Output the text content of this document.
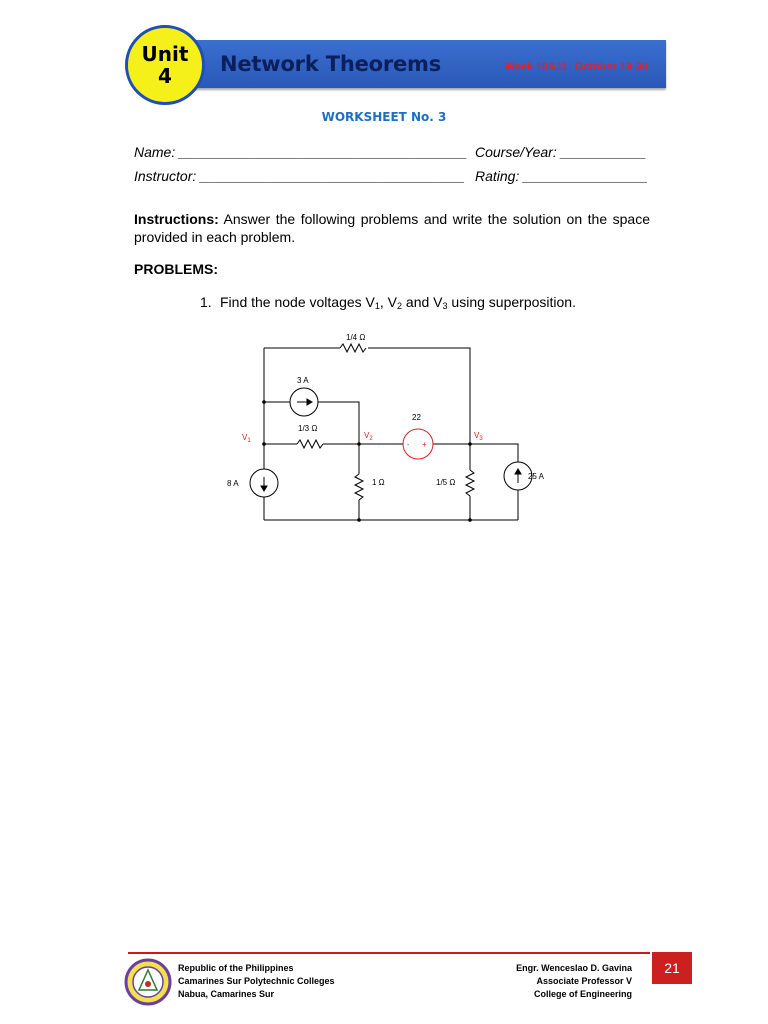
Network Theorems	Week 10&11: October 19-30
Unit
4
WORKSHEET No. 3
Name: _____________________________________ Course/Year: ___________
Instructor: __________________________________ Rating: ________________
Instructions: Answer the following problems and write the solution on the space provided in each problem.
PROBLEMS:
1. Find the node voltages $V_1$, $V_2$ and $V_3$ using superposition.
1/4 Ω
3 A
1/3 Ω
22
8 A	1 Ω	1/5 Ω
25 A
$V_1$
$V_2$	$V_3$
- +
Republic of the Philippines
Camarines Sur Polytechnic Colleges
Nabua, Camarines Sur
Engr. Wenceslao D. Gavina
Associate Professor V
College of Engineering
21
